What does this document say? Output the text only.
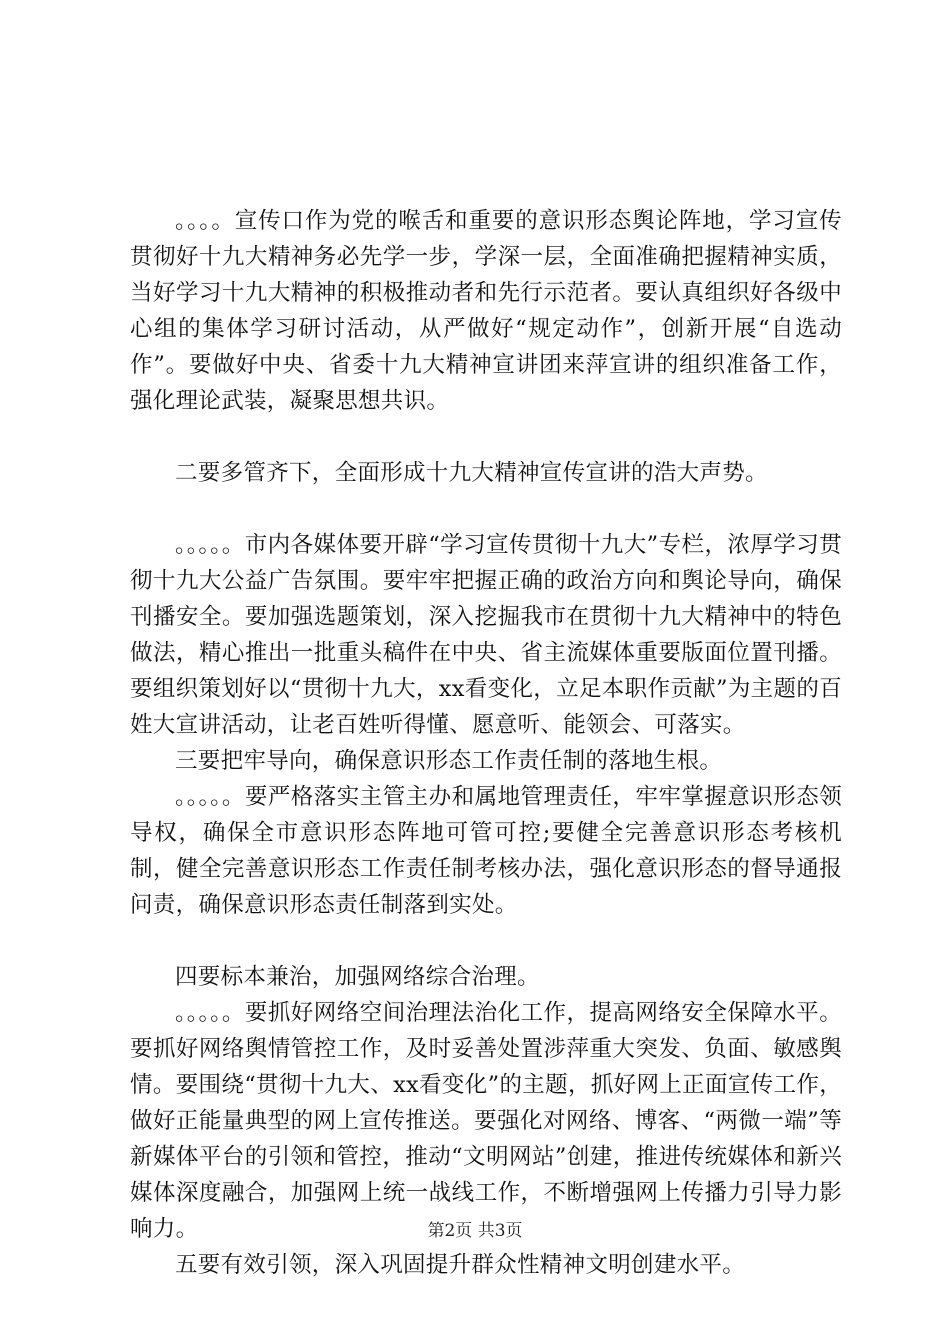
。。。。宣传口作为党的喉舌和重要的意识形态舆论阵地，学习宣传贯彻好十九大精神务必先学一步，学深一层，全面准确把握精神实质，当好学习十九大精神的积极推动者和先行示范者。要认真组织好各级中心组的集体学习研讨活动，从严做好“规定动作”，创新开展“自选动作”。要做好中央、省委十九大精神宣讲团来萍宣讲的组织准备工作，强化理论武装，凝聚思想共识。

二要多管齐下，全面形成十九大精神宣传宣讲的浩大声势。

。。。。。市内各媒体要开辟“学习宣传贯彻十九大”专栏，浓厚学习贯彻十九大公益广告氛围。要牢牢把握正确的政治方向和舆论导向，确保刊播安全。要加强选题策划，深入挖掘我市在贯彻十九大精神中的特色做法，精心推出一批重头稿件在中央、省主流媒体重要版面位置刊播。要组织策划好以“贯彻十九大，xx看变化，立足本职作贡献”为主题的百姓大宣讲活动，让老百姓听得懂、愿意听、能领会、可落实。

三要把牢导向，确保意识形态工作责任制的落地生根。

。。。。。要严格落实主管主办和属地管理责任，牢牢掌握意识形态领导权，确保全市意识形态阵地可管可控;要健全完善意识形态考核机制，健全完善意识形态工作责任制考核办法，强化意识形态的督导通报问责，确保意识形态责任制落到实处。

四要标本兼治，加强网络综合治理。

。。。。。要抓好网络空间治理法治化工作，提高网络安全保障水平。要抓好网络舆情管控工作，及时妥善处置涉萍重大突发、负面、敏感舆情。要围绕“贯彻十九大、xx看变化”的主题，抓好网上正面宣传工作，做好正能量典型的网上宣传推送。要强化对网络、博客、“两微一端”等新媒体平台的引领和管控，推动“文明网站”创建，推进传统媒体和新兴媒体深度融合，加强网上统一战线工作，不断增强网上传播力引导力影响力。

五要有效引领，深入巩固提升群众性精神文明创建水平。

第2页 共3页
